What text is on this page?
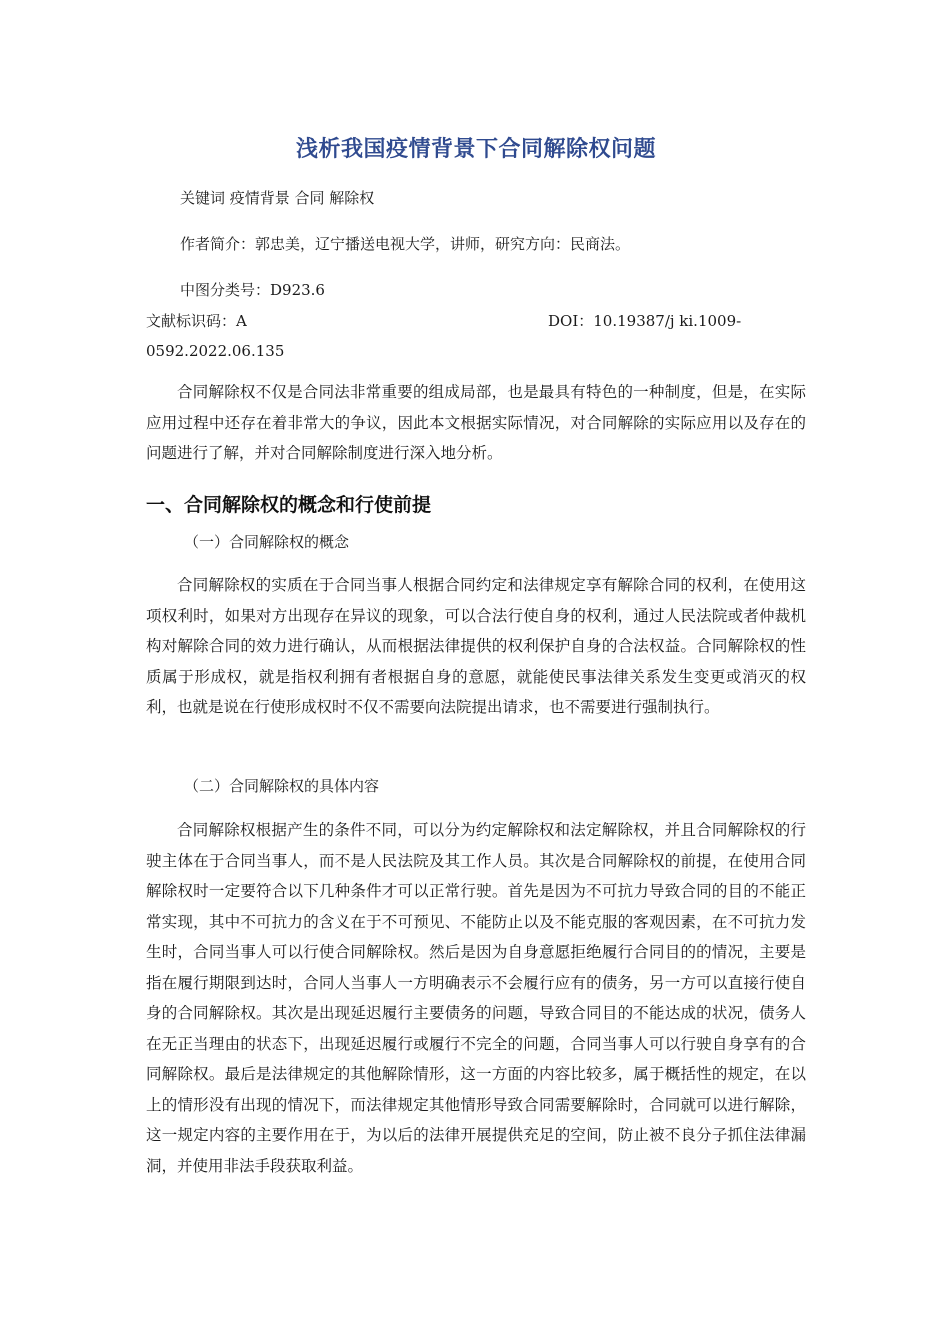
浅析我国疫情背景下合同解除权问题
关键词 疫情背景 合同 解除权
作者简介：郭忠美，辽宁播送电视大学，讲师，研究方向：民商法。
中图分类号：D923.6
文献标识码：A	DOI：10.19387/j ki.1009-
0592.2022.06.135

合同解除权不仅是合同法非常重要的组成局部，也是最具有特色的一种制度，但是，在实际应用过程中还存在着非常大的争议，因此本文根据实际情况，对合同解除的实际应用以及存在的问题进行了解，并对合同解除制度进行深入地分析。

一、合同解除权的概念和行使前提
（一）合同解除权的概念

合同解除权的实质在于合同当事人根据合同约定和法律规定享有解除合同的权利，在使用这项权利时，如果对方出现存在异议的现象，可以合法行使自身的权利，通过人民法院或者仲裁机构对解除合同的效力进行确认，从而根据法律提供的权利保护自身的合法权益。合同解除权的性质属于形成权，就是指权利拥有者根据自身的意愿，就能使民事法律关系发生变更或消灭的权利，也就是说在行使形成权时不仅不需要向法院提出请求，也不需要进行强制执行。

（二）合同解除权的具体内容

合同解除权根据产生的条件不同，可以分为约定解除权和法定解除权，并且合同解除权的行驶主体在于合同当事人，而不是人民法院及其工作人员。其次是合同解除权的前提，在使用合同解除权时一定要符合以下几种条件才可以正常行驶。首先是因为不可抗力导致合同的目的不能正常实现，其中不可抗力的含义在于不可预见、不能防止以及不能克服的客观因素，在不可抗力发生时，合同当事人可以行使合同解除权。然后是因为自身意愿拒绝履行合同目的的情况，主要是指在履行期限到达时，合同人当事人一方明确表示不会履行应有的债务，另一方可以直接行使自身的合同解除权。其次是出现延迟履行主要债务的问题，导致合同目的不能达成的状况，债务人在无正当理由的状态下，出现延迟履行或履行不完全的问题，合同当事人可以行驶自身享有的合同解除权。最后是法律规定的其他解除情形，这一方面的内容比较多，属于概括性的规定，在以上的情形没有出现的情况下，而法律规定其他情形导致合同需要解除时，合同就可以进行解除，这一规定内容的主要作用在于，为以后的法律开展提供充足的空间，防止被不良分子抓住法律漏洞，并使用非法手段获取利益。
